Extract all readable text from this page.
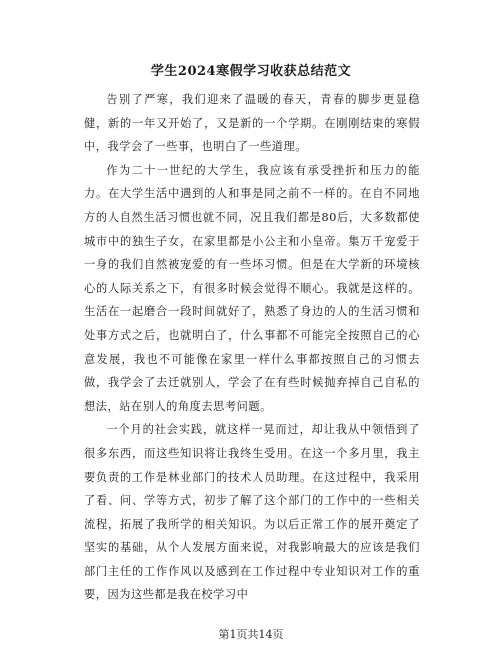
学生2024寒假学习收获总结范文

告别了严寒，我们迎来了温暖的春天，青春的脚步更显稳健，新的一年又开始了，又是新的一个学期。在刚刚结束的寒假中，我学会了一些事，也明白了一些道理。

作为二十一世纪的大学生，我应该有承受挫折和压力的能力。在大学生活中遇到的人和事是同之前不一样的。在自不同地方的人自然生活习惯也就不同，况且我们都是80后，大多数都使城市中的独生子女，在家里都是小公主和小皇帝。集万千宠爱于一身的我们自然被宠爱的有一些坏习惯。但是在大学新的环境核心的人际关系之下，有很多时候会觉得不顺心。我就是这样的。生活在一起磨合一段时间就好了，熟悉了身边的人的生活习惯和处事方式之后，也就明白了，什么事都不可能完全按照自己的心意发展，我也不可能像在家里一样什么事都按照自己的习惯去做，我学会了去迁就别人，学会了在有些时候抛弃掉自己自私的想法，站在别人的角度去思考问题。

一个月的社会实践，就这样一晃而过，却让我从中领悟到了很多东西，而这些知识将让我终生受用。在这一个多月里，我主要负责的工作是林业部门的技术人员助理。在这过程中，我采用了看、问、学等方式，初步了解了这个部门的工作中的一些相关流程，拓展了我所学的相关知识。为以后正常工作的展开奠定了坚实的基础，从个人发展方面来说，对我影响最大的应该是我们部门主任的工作作风以及感到在工作过程中专业知识对工作的重要，因为这些都是我在校学习中

第1页共14页
